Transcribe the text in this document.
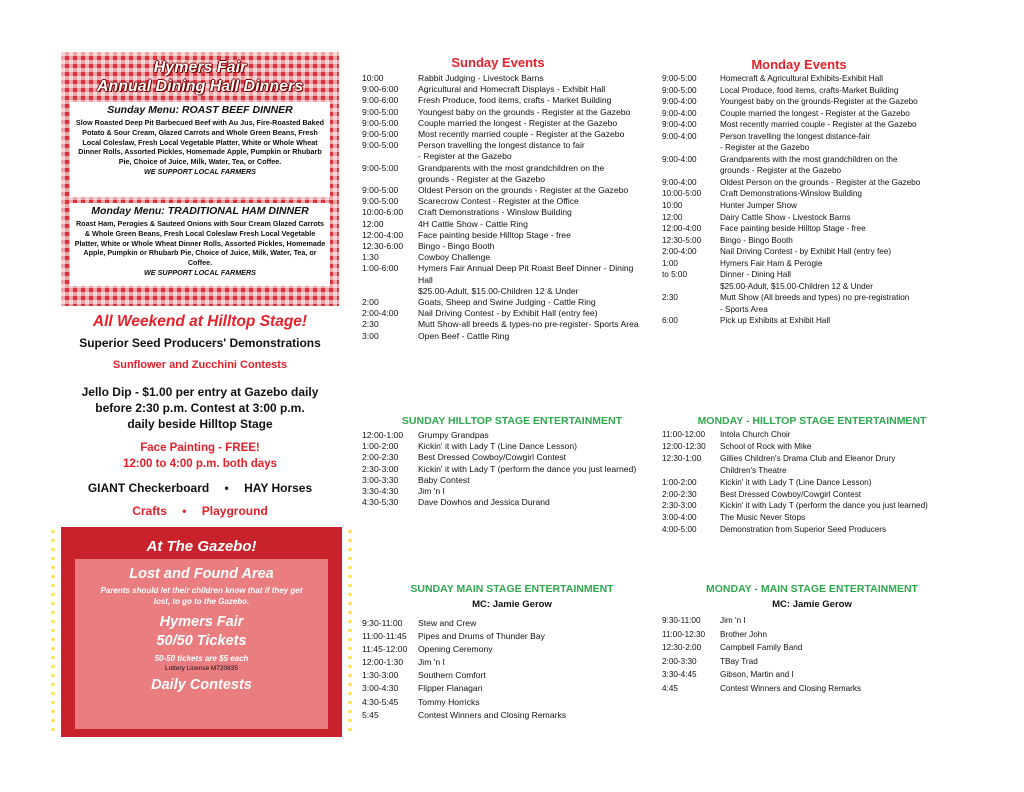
Hymers Fair
Annual Dining Hall Dinners
Sunday Menu: ROAST BEEF DINNER
Slow Roasted Deep Pit Barbecued Beef with Au Jus, Fire-Roasted Baked Potato & Sour Cream, Glazed Carrots and Whole Green Beans, Fresh Local Coleslaw, Fresh Local Vegetable Platter, White or Whole Wheat Dinner Rolls, Assorted Pickles, Homemade Apple, Pumpkin or Rhubarb Pie, Choice of Juice, Milk, Water, Tea, or Coffee.
WE SUPPORT LOCAL FARMERS
Monday Menu: TRADITIONAL HAM DINNER
Roast Ham, Perogies & Sauteed Onions with Sour Cream Glazed Carrots & Whole Green Beans, Fresh Local Coleslaw Fresh Local Vegetable Platter, White or Whole Wheat Dinner Rolls, Assorted Pickles, Homemade Apple, Pumpkin or Rhubarb Pie, Choice of Juice, Milk, Water, Tea, or Coffee.
WE SUPPORT LOCAL FARMERS
All Weekend at Hilltop Stage!
Superior Seed Producers' Demonstrations
Sunflower and Zucchini Contests
Jello Dip - $1.00 per entry at Gazebo daily
before 2:30 p.m. Contest at 3:00 p.m.
daily beside Hilltop Stage
Face Painting - FREE!
12:00 to 4:00 p.m. both days
GIANT Checkerboard • HAY Horses
Crafts • Playground
At The Gazebo!
Lost and Found Area
Parents should let their children know that if they get lost, to go to the Gazebo.
Hymers Fair
50/50 Tickets
50-50 tickets are $5 each
Lottery License M720835
Daily Contests
Sunday Events
10:00	Rabbit Judging - Livestock Barns
9:00-6:00	Agricultural and Homecraft Displays - Exhibit Hall
9:00-6:00	Fresh Produce, food items, crafts - Market Building
9:00-5:00	Youngest baby on the grounds - Register at the Gazebo
9:00-5:00	Couple married the longest - Register at the Gazebo
9:00-5:00	Most recently married couple - Register at the Gazebo
9:00-5:00	Person travelling the longest distance to fair
- Register at the Gazebo
9:00-5:00	Grandparents with the most grandchildren on the
grounds - Register at the Gazebo
9:00-5:00	Oldest Person on the grounds - Register at the Gazebo
9:00-5:00	Scarecrow Contest - Register at the Office
10:00-6:00	Craft Demonstrations - Winslow Building
12:00	4H Cattle Show - Cattle Ring
12:00-4:00	Face painting beside Hilltop Stage - free
12:30-6:00	Bingo - Bingo Booth
1:30	Cowboy Challenge
1:00-6:00	Hymers Fair Annual Deep Pit Roast Beef Dinner - Dining Hall
$25.00-Adult, $15.00-Children 12 & Under
2:00	Goats, Sheep and Swine Judging - Cattle Ring
2:00-4:00	Nail Driving Contest - by Exhibit Hall (entry fee)
2:30	Mutt Show-all breeds & types-no pre-register- Sports Area
3:00	Open Beef - Cattle Ring
Monday Events
9:00-5:00	Homecraft & Agricultural Exhibits-Exhibit Hall
9:00-5:00	Local Produce, food items, crafts-Market Building
9:00-4:00	Youngest baby on the grounds-Register at the Gazebo
9:00-4:00	Couple married the longest - Register at the Gazebo
9:00-4:00	Most recently married couple - Register at the Gazebo
9:00-4:00	Person travelling the longest distance-fair
- Register at the Gazebo
9:00-4:00	Grandparents with the most grandchildren on the
grounds - Register at the Gazebo
9:00-4:00	Oldest Person on the grounds - Register at the Gazebo
10:00-5:00	Craft Demonstrations-Winslow Building
10:00	Hunter Jumper Show
12:00	Dairy Cattle Show - Livestock Barns
12:00-4:00	Face painting beside Hilltop Stage - free
12:30-5:00	Bingo - Bingo Booth
2:00-4:00	Nail Driving Contest - by Exhibit Hall (entry fee)
1:00	Hymers Fair Ham & Perogie
to 5:00	Dinner - Dining Hall
$25.00-Adult, $15.00-Children 12 & Under
2:30	Mutt Show (All breeds and types) no pre-registration
- Sports Area
6:00	Pick up Exhibits at Exhibit Hall
SUNDAY HILLTOP STAGE ENTERTAINMENT
12:00-1:00	Grumpy Grandpas
1:00-2:00	Kickin' it with Lady T (Line Dance Lesson)
2:00-2:30	Best Dressed Cowboy/Cowgirl Contest
2:30-3:00	Kickin' it with Lady T (perform the dance you just learned)
3:00-3:30	Baby Contest
3:30-4:30	Jim 'n I
4:30-5:30	Dave Dowhos and Jessica Durand
MONDAY - HILLTOP STAGE ENTERTAINMENT
11:00-12:00	Intola Church Choir
12:00-12:30	School of Rock with Mike
12:30-1:00	Gillies Children's Drama Club and Eleanor Drury
Children's Theatre
1:00-2:00	Kickin' it with Lady T (Line Dance Lesson)
2:00-2:30	Best Dressed Cowboy/Cowgirl Contest
2:30-3:00	Kickin' it with Lady T (perform the dance you just learned)
3:00-4:00	The Music Never Stops
4:00-5:00	Demonstration from Superior Seed Producers
SUNDAY MAIN STAGE ENTERTAINMENT
MC: Jamie Gerow
9:30-11:00	Stew and Crew
11:00-11:45	Pipes and Drums of Thunder Bay
11:45-12:00	Opening Ceremony
12:00-1:30	Jim 'n I
1:30-3:00	Southern Comfort
3:00-4:30	Flipper Flanagan
4:30-5:45	Tommy Horricks
5:45	Contest Winners and Closing Remarks
MONDAY - MAIN STAGE ENTERTAINMENT
MC: Jamie Gerow
9:30-11:00	Jim 'n I
11:00-12:30	Brother John
12:30-2:00	Campbell Family Band
2:00-3:30	TBay Trad
3:30-4:45	Gibson, Martin and I
4:45	Contest Winners and Closing Remarks
